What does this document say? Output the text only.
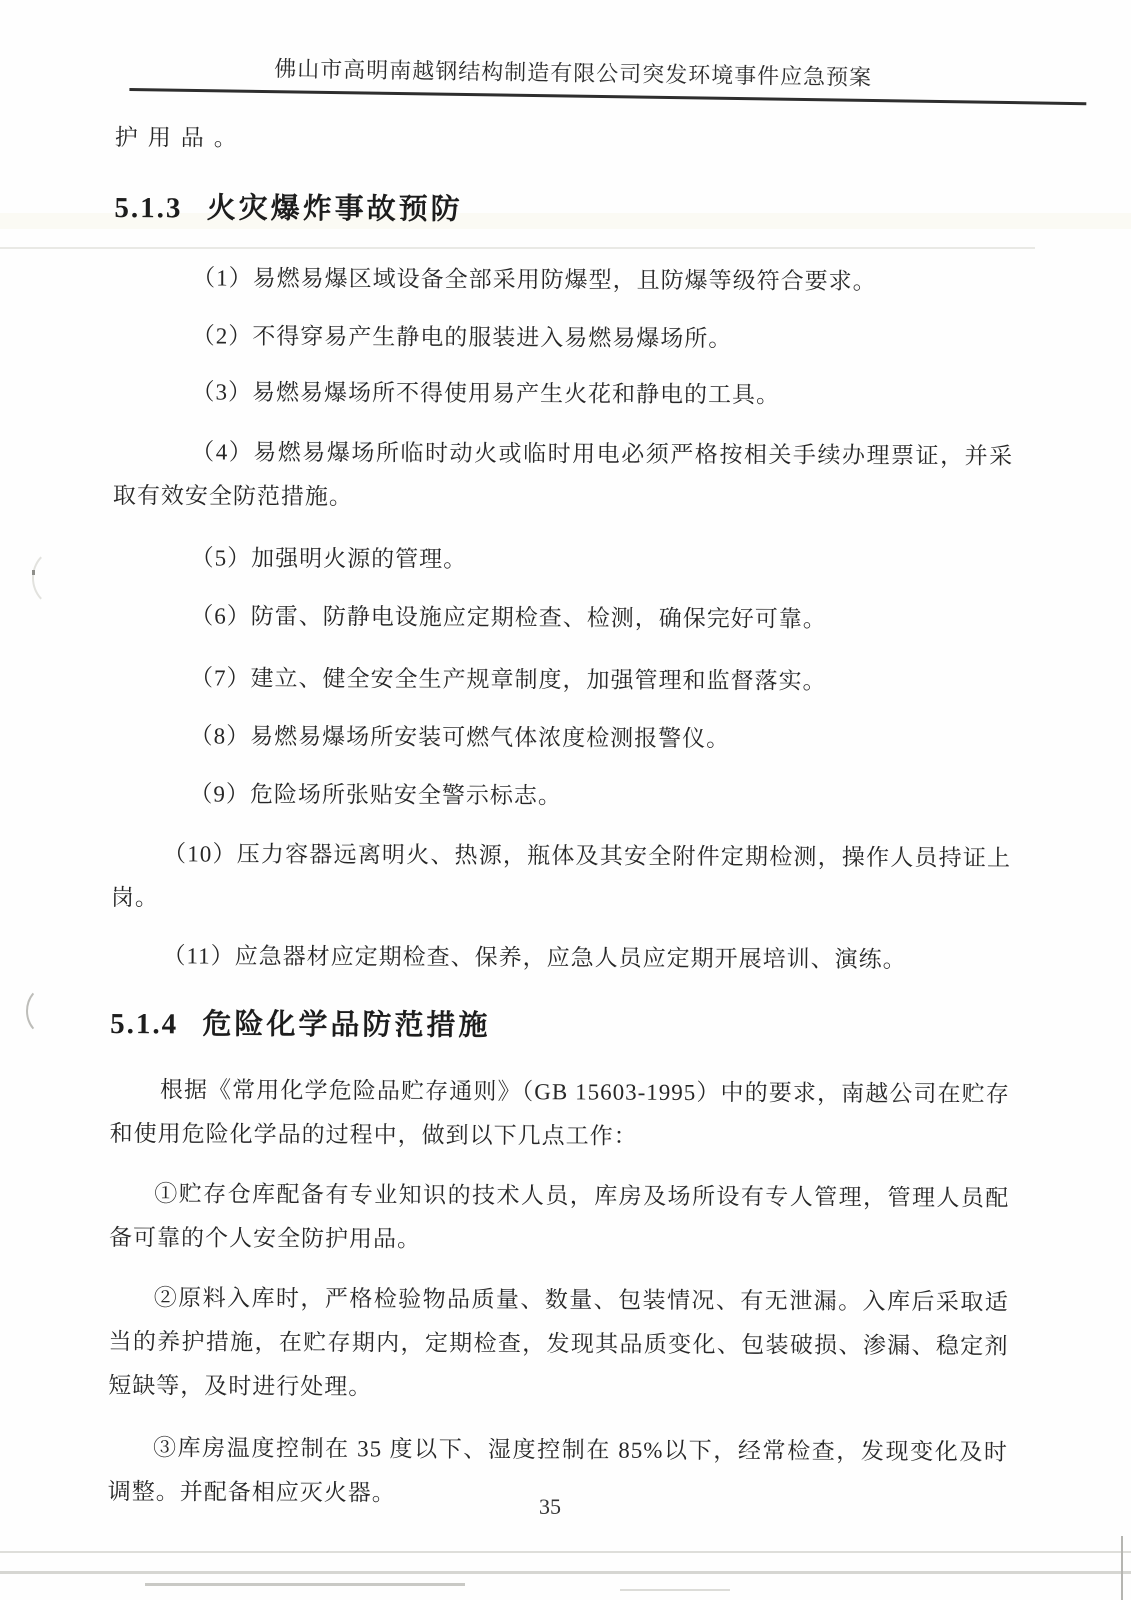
佛山市高明南越钢结构制造有限公司突发环境事件应急预案

护用品。

5.1.3 火灾爆炸事故预防

（1）易燃易爆区域设备全部采用防爆型，且防爆等级符合要求。

（2）不得穿易产生静电的服装进入易燃易爆场所。

（3）易燃易爆场所不得使用易产生火花和静电的工具。

（4）易燃易爆场所临时动火或临时用电必须严格按相关手续办理票证，并采取有效安全防范措施。

（5）加强明火源的管理。

（6）防雷、防静电设施应定期检查、检测，确保完好可靠。

（7）建立、健全安全生产规章制度，加强管理和监督落实。

（8）易燃易爆场所安装可燃气体浓度检测报警仪。

（9）危险场所张贴安全警示标志。

（10）压力容器远离明火、热源，瓶体及其安全附件定期检测，操作人员持证上岗。

（11）应急器材应定期检查、保养，应急人员应定期开展培训、演练。

5.1.4 危险化学品防范措施

根据《常用化学危险品贮存通则》（GB 15603-1995）中的要求，南越公司在贮存和使用危险化学品的过程中，做到以下几点工作：

①贮存仓库配备有专业知识的技术人员，库房及场所设有专人管理，管理人员配备可靠的个人安全防护用品。

②原料入库时，严格检验物品质量、数量、包装情况、有无泄漏。入库后采取适当的养护措施，在贮存期内，定期检查，发现其品质变化、包装破损、渗漏、稳定剂短缺等，及时进行处理。

③库房温度控制在 35 度以下、湿度控制在 85%以下，经常检查，发现变化及时调整。并配备相应灭火器。

35
